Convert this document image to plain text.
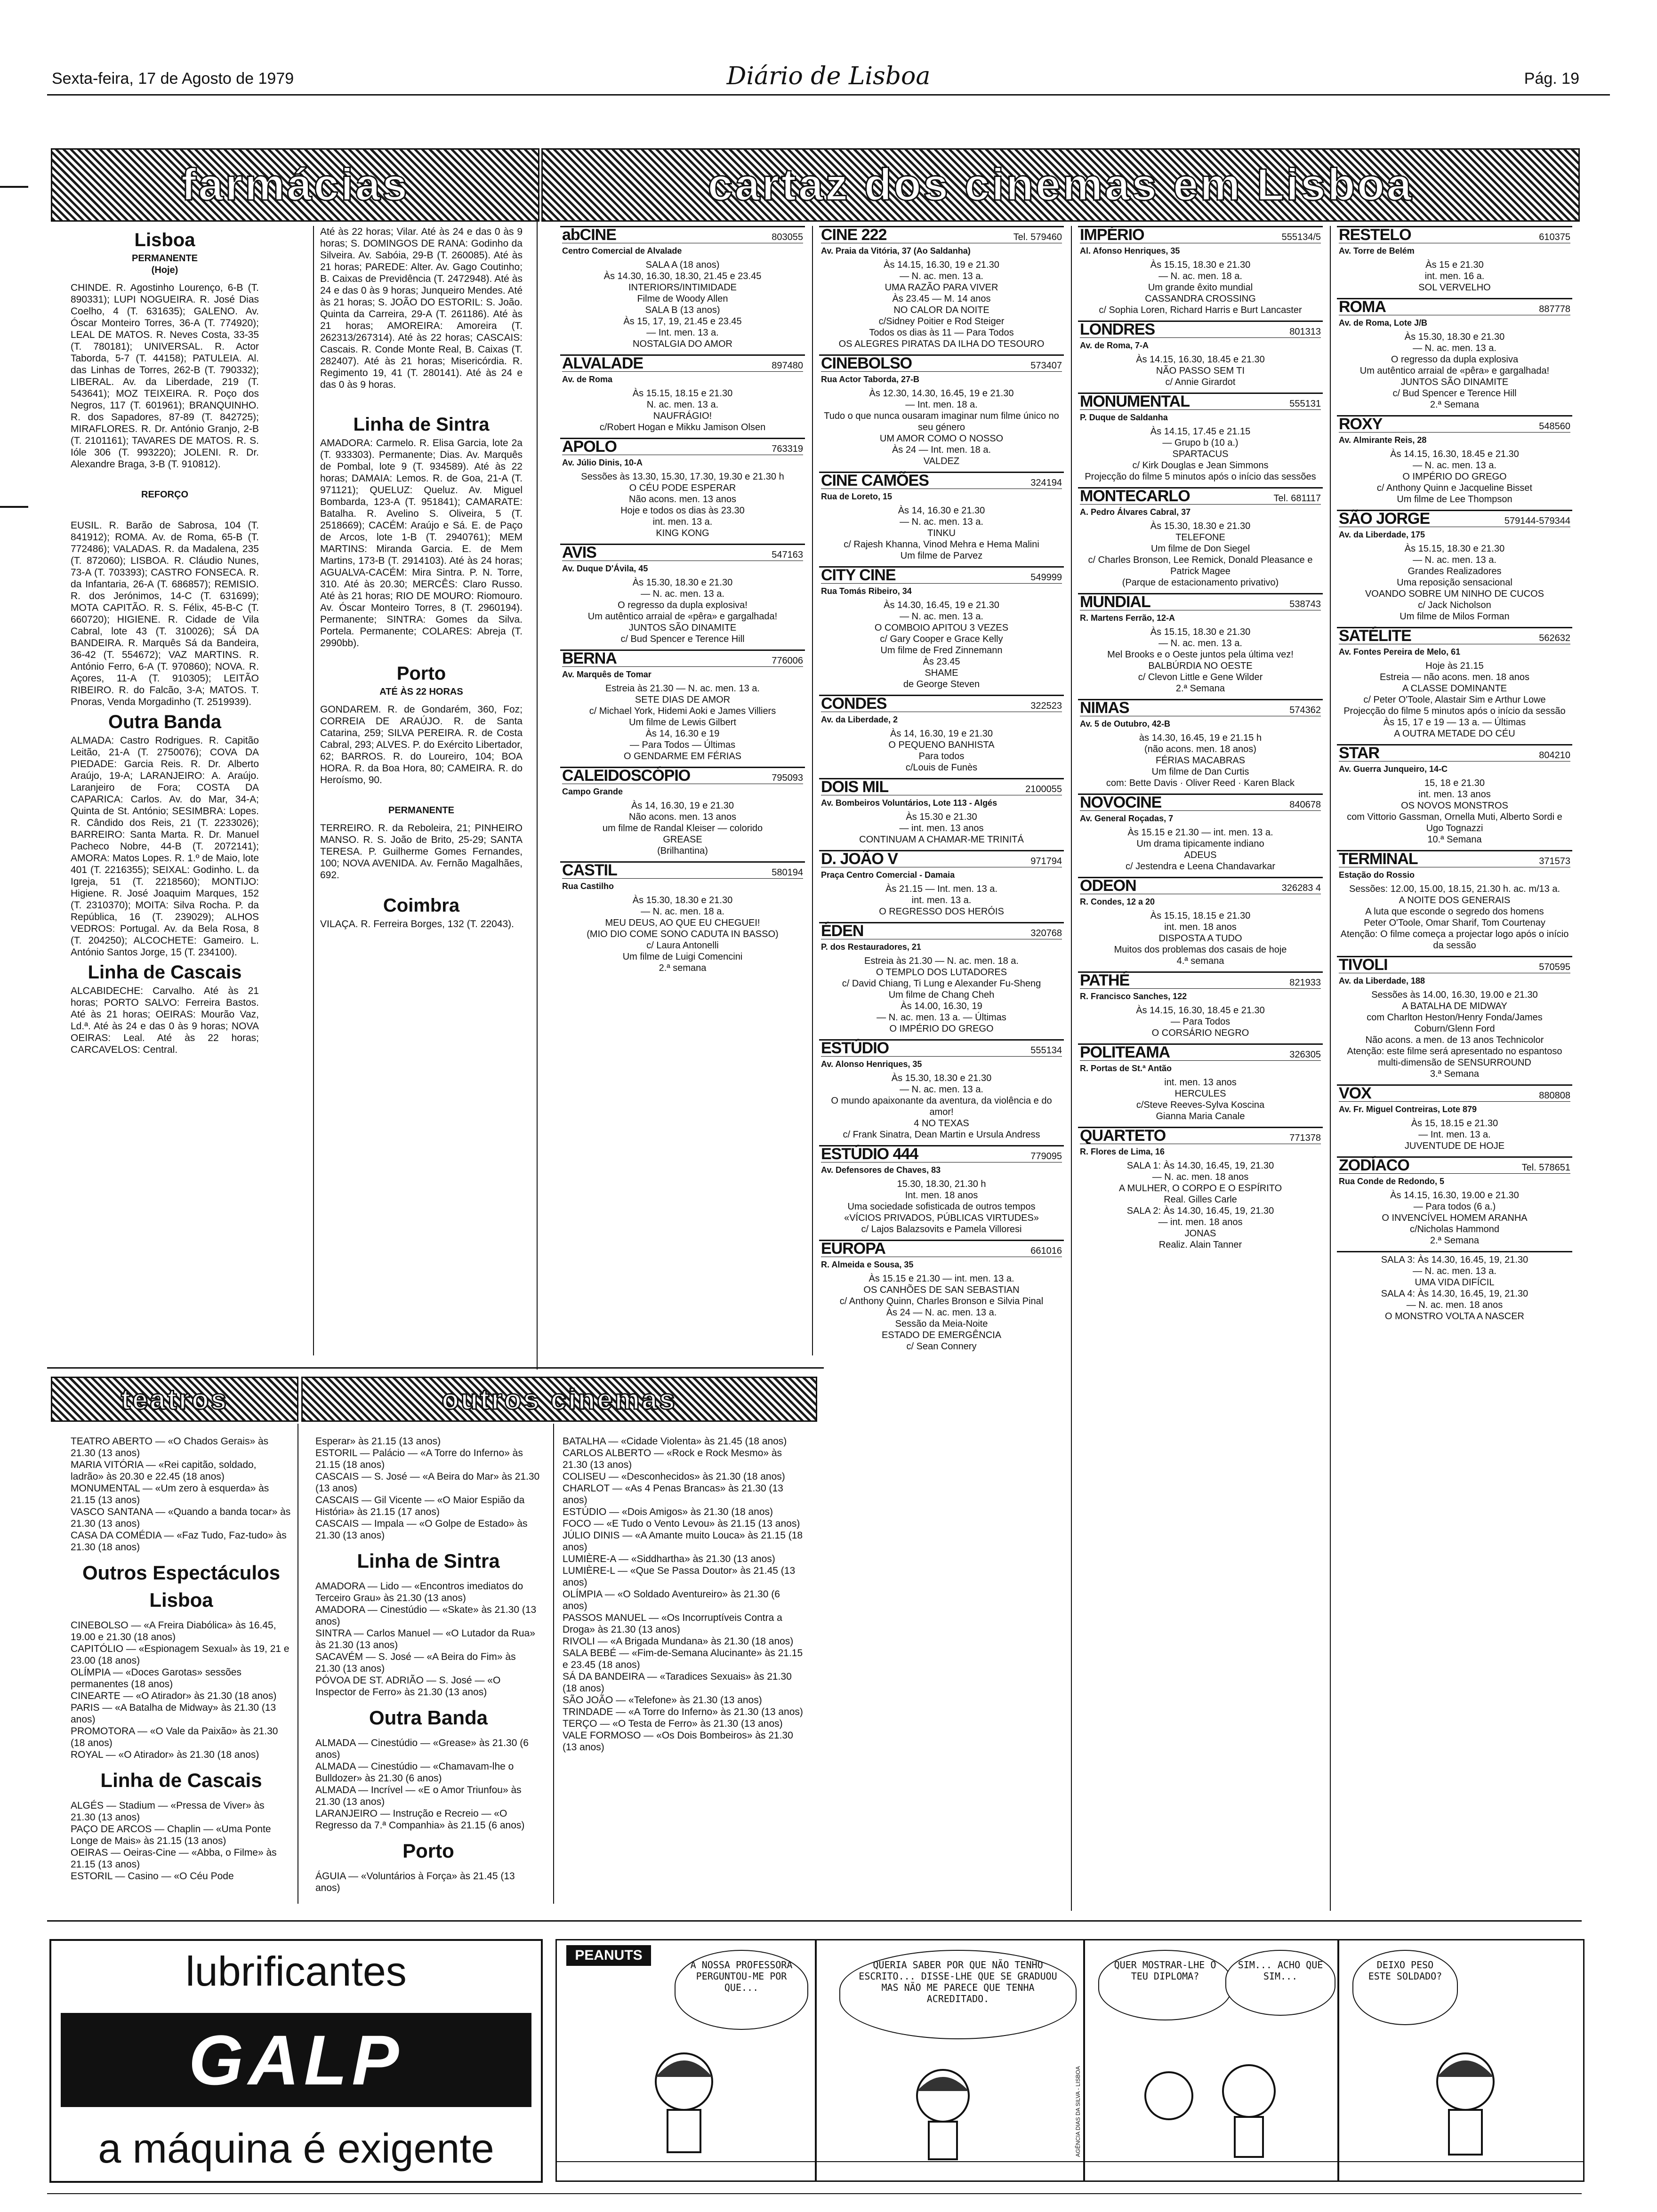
Sexta-feira, 17 de Agosto de 1979	Diário de Lisboa	Pág. 19
farmácias	cartaz dos cinemas em Lisboa
Lisboa
PERMANENTE
(Hoje)

CHINDE. R. Agostinho Lourenço, 6-B (T. 890331); LUPI NOGUEIRA. R. José Dias Coelho, 4 (T. 631635); GALENO. Av. Óscar Monteiro Torres, 36-A (T. 774920); LEAL DE MATOS. R. Neves Costa, 33-35 (T. 780181); UNIVERSAL. R. Actor Taborda, 5-7 (T. 44158); PATULEIA. Al. das Linhas de Torres, 262-B (T. 790332); LIBERAL. Av. da Liberdade, 219 (T. 543641); MOZ TEIXEIRA. R. Poço dos Negros, 117 (T. 601961); BRANQUINHO. R. dos Sapadores, 87-89 (T. 842725); MIRAFLORES. R. Dr. António Granjo, 2-B (T. 2101161); TAVARES DE MATOS. R. S. Ióle 306 (T. 993220); JOLENI. R. Dr. Alexandre Braga, 3-B (T. 910812).

REFORÇO

EUSIL. R. Barão de Sabrosa, 104 (T. 841912); ROMA. Av. de Roma, 65-B (T. 772486); VALADAS. R. da Madalena, 235 (T. 872060); LISBOA. R. Cláudio Nunes, 73-A (T. 703393); CASTRO FONSECA. R. da Infantaria, 26-A (T. 686857); REMISIO. R. dos Jerónimos, 14-C (T. 631699); MOTA CAPITÃO. R. S. Félix, 45-B-C (T. 660720); HIGIENE. R. Cidade de Vila Cabral, lote 43 (T. 310026); SÁ DA BANDEIRA. R. Marquês Sá da Bandeira, 36-42 (T. 554672); VAZ MARTINS. R. António Ferro, 6-A (T. 970860); NOVA. R. Açores, 11-A (T. 910305); LEITÃO RIBEIRO. R. do Falcão, 3-A; MATOS. T. Pnoras, Venda Morgadinho (T. 2519939).

Outra Banda

ALMADA: Castro Rodrigues. R. Capitão Leitão, 21-A (T. 2750076); COVA DA PIEDADE: Garcia Reis. R. Dr. Alberto Araújo, 19-A; LARANJEIRO: A. Araújo. Laranjeiro de Fora; COSTA DA CAPARICA: Carlos. Av. do Mar, 34-A; Quinta de St. António; SESIMBRA: Lopes. R. Cândido dos Reis, 21 (T. 2233026); BARREIRO: Santa Marta. R. Dr. Manuel Pacheco Nobre, 44-B (T. 2072141); AMORA: Matos Lopes. R. 1.º de Maio, lote 401 (T. 2216355); SEIXAL: Godinho. L. da Igreja, 51 (T. 2218560); MONTIJO: Higiene. R. José Joaquim Marques, 152 (T. 2310370); MOITA: Silva Rocha. P. da República, 16 (T. 239029); ALHOS VEDROS: Portugal. Av. da Bela Rosa, 8 (T. 204250); ALCOCHETE: Gameiro. L. António Santos Jorge, 15 (T. 234100).

Linha de Cascais

ALCABIDECHE: Carvalho. Até às 21 horas; PORTO SALVO: Ferreira Bastos. Até às 21 horas; OEIRAS: Mourão Vaz, Ld.ª. Até às 24 e das 0 às 9 horas; NOVA OEIRAS: Leal. Até às 22 horas; CARCAVELOS: Central.

Até às 22 horas; Vilar. Até às 24 e das 0 às 9 horas; S. DOMINGOS DE RANA: Godinho da Silveira. Av. Sabóia, 29-B (T. 260085). Até às 21 horas; PAREDE: Alter. Av. Gago Coutinho; B. Caixas de Previdência (T. 2472948). Até às 24 e das 0 às 9 horas; Junqueiro Mendes. Até às 21 horas; S. JOÃO DO ESTORIL: S. João. Quinta da Carreira, 29-A (T. 261186). Até às 21 horas; AMOREIRA: Amoreira (T. 262313/267314). Até às 22 horas; CASCAIS: Cascais. R. Conde Monte Real, B. Caixas (T. 282407). Até às 21 horas; Misericórdia. R. Regimento 19, 41 (T. 280141). Até às 24 e das 0 às 9 horas.

Linha de Sintra

AMADORA: Carmelo. R. Elisa Garcia, lote 2a (T. 933303). Permanente; Dias. Av. Marquês de Pombal, lote 9 (T. 934589). Até às 22 horas; DAMAIA: Lemos. R. de Goa, 21-A (T. 971121); QUELUZ: Queluz. Av. Miguel Bombarda, 123-A (T. 951841); CAMARATE: Batalha. R. Avelino S. Oliveira, 5 (T. 2518669); CACÉM: Araújo e Sá. E. de Paço de Arcos, lote 1-B (T. 2940761); MEM MARTINS: Miranda Garcia. E. de Mem Martins, 173-B (T. 2914103). Até às 24 horas; AGUALVA-CACÉM: Mira Sintra. P. N. Torre, 310. Até às 20.30; MERCÊS: Claro Russo. Até às 21 horas; RIO DE MOURO: Riomouro. Av. Óscar Monteiro Torres, 8 (T. 2960194). Permanente; SINTRA: Gomes da Silva. Portela. Permanente; COLARES: Abreja (T. 2990bb).

Porto
ATÉ ÀS 22 HORAS

GONDAREM. R. de Gondarém, 360, Foz; CORREIA DE ARAÚJO. R. de Santa Catarina, 259; SILVA PEREIRA. R. de Costa Cabral, 293; ALVES. P. do Exército Libertador, 62; BARROS. R. do Loureiro, 104; BOA HORA. R. da Boa Hora, 80; CAMEIRA. R. do Heroísmo, 90.

PERMANENTE

TERREIRO. R. da Reboleira, 21; PINHEIRO MANSO. R. S. João de Brito, 25-29; SANTA TERESA. P. Guilherme Gomes Fernandes, 100; NOVA AVENIDA. Av. Fernão Magalhães, 692.

Coimbra

VILAÇA. R. Ferreira Borges, 132 (T. 22043).

abCINE	803055
Centro Comercial de Alvalade
SALA A (18 anos)
Às 14.30, 16.30, 18.30, 21.45 e 23.45
INTERIORS/INTIMIDADE
Filme de Woody Allen
SALA B (13 anos)
Às 15, 17, 19, 21.45 e 23.45
— Int. men. 13 a.
NOSTALGIA DO AMOR
ALVALADE	897480
Av. de Roma
Às 15.15, 18.15 e 21.30
N. ac. men. 13 a.
NAUFRÁGIO!
c/Robert Hogan e Mikku Jamison Olsen
APOLO	763319
Av. Júlio Dinis, 10-A
Sessões às 13.30, 15.30, 17.30, 19.30 e 21.30 h
O CÉU PODE ESPERAR
Não acons. men. 13 anos
Hoje e todos os dias às 23.30
int. men. 13 a.
KING KONG
AVIS	547163
Av. Duque D'Ávila, 45
Às 15.30, 18.30 e 21.30
— N. ac. men. 13 a.
O regresso da dupla explosiva!
Um autêntico arraial de «pêra» e gargalhada!
JUNTOS SÃO DINAMITE
c/ Bud Spencer e Terence Hill
BERNA	776006
Av. Marquês de Tomar
Estreia às 21.30 — N. ac. men. 13 a.
SETE DIAS DE AMOR
c/ Michael York, Hidemi Aoki e James Villiers
Um filme de Lewis Gilbert
Às 14, 16.30 e 19
— Para Todos — Últimas
O GENDARME EM FÉRIAS
CALEIDOSCÓPIO	795093
Campo Grande
Às 14, 16.30, 19 e 21.30
Não acons. men. 13 anos
um filme de Randal Kleiser — colorido
GREASE
(Brilhantina)
CASTIL	580194
Rua Castilho
Às 15.30, 18.30 e 21.30
— N. ac. men. 18 a.
MEU DEUS, AO QUE EU CHEGUEI!
(MIO DIO COME SONO CADUTA IN BASSO)
c/ Laura Antonelli
Um filme de Luigi Comencini
2.ª semana
CINE 222	Tel. 579460
Av. Praia da Vitória, 37 (Ao Saldanha)
Às 14.15, 16.30, 19 e 21.30
— N. ac. men. 13 a.
UMA RAZÃO PARA VIVER
Às 23.45 — M. 14 anos
NO CALOR DA NOITE
c/Sidney Poitier e Rod Steiger
Todos os dias às 11 — Para Todos
OS ALEGRES PIRATAS DA ILHA DO TESOURO
CINEBOLSO	573407
Rua Actor Taborda, 27-B
Às 12.30, 14.30, 16.45, 19 e 21.30
— Int. men. 18 a.
Tudo o que nunca ousaram imaginar num filme único no seu género
UM AMOR COMO O NOSSO
Às 24 — Int. men. 18 a.
VALDEZ
CINE CAMÕES	324194
Rua de Loreto, 15
Às 14, 16.30 e 21.30
— N. ac. men. 13 a.
TINKU
c/ Rajesh Khanna, Vinod Mehra e Hema Malini
Um filme de Parvez
CITY CINE	549999
Rua Tomás Ribeiro, 34
Às 14.30, 16.45, 19 e 21.30
— N. ac. men. 13 a.
O COMBOIO APITOU 3 VEZES
c/ Gary Cooper e Grace Kelly
Um filme de Fred Zinnemann
Às 23.45
SHAME
de George Steven
CONDES	322523
Av. da Liberdade, 2
Às 14, 16.30, 19 e 21.30
O PEQUENO BANHISTA
Para todos
c/Louis de Funès
DOIS MIL	2100055
Av. Bombeiros Voluntários, Lote 113 - Algés
Às 15.30 e 21.30
— int. men. 13 anos
CONTINUAM A CHAMAR-ME TRINITÁ
D. JOÃO V	971794
Praça Centro Comercial - Damaia
Às 21.15 — Int. men. 13 a.
int. men. 13 a.
O REGRESSO DOS HERÓIS
ÉDEN	320768
P. dos Restauradores, 21
Estreia às 21.30 — N. ac. men. 18 a.
O TEMPLO DOS LUTADORES
c/ David Chiang, Ti Lung e Alexander Fu-Sheng
Um filme de Chang Cheh
Às 14.00, 16.30, 19
— N. ac. men. 13 a. — Últimas
O IMPÉRIO DO GREGO
ESTÚDIO	555134
Av. Alonso Henriques, 35
Às 15.30, 18.30 e 21.30
— N. ac. men. 13 a.
O mundo apaixonante da aventura, da violência e do amor!
4 NO TEXAS
c/ Frank Sinatra, Dean Martin e Ursula Andress
ESTÚDIO 444	779095
Av. Defensores de Chaves, 83
15.30, 18.30, 21.30 h
Int. men. 18 anos
Uma sociedade sofisticada de outros tempos
«VÍCIOS PRIVADOS, PÚBLICAS VIRTUDES»
c/ Lajos Balazsovits e Pamela Villoresi
EUROPA	661016
R. Almeida e Sousa, 35
Às 15.15 e 21.30 — int. men. 13 a.
OS CANHÕES DE SAN SEBASTIAN
c/ Anthony Quinn, Charles Bronson e Silvia Pinal
Às 24 — N. ac. men. 13 a.
Sessão da Meia-Noite
ESTADO DE EMERGÊNCIA
c/ Sean Connery
IMPÉRIO	555134/5
Al. Afonso Henriques, 35
Às 15.15, 18.30 e 21.30
— N. ac. men. 18 a.
Um grande êxito mundial
CASSANDRA CROSSING
c/ Sophia Loren, Richard Harris e Burt Lancaster
LONDRES	801313
Av. de Roma, 7-A
Às 14.15, 16.30, 18.45 e 21.30
NÃO PASSO SEM TI
c/ Annie Girardot
MONUMENTAL	555131
P. Duque de Saldanha
Às 14.15, 17.45 e 21.15
— Grupo b (10 a.)
SPARTACUS
c/ Kirk Douglas e Jean Simmons
Projecção do filme 5 minutos após o início das sessões
MONTECARLO	Tel. 681117
A. Pedro Álvares Cabral, 37
Às 15.30, 18.30 e 21.30
TELEFONE
Um filme de Don Siegel
c/ Charles Bronson, Lee Remick, Donald Pleasance e Patrick Magee
(Parque de estacionamento privativo)
MUNDIAL	538743
R. Martens Ferrão, 12-A
Às 15.15, 18.30 e 21.30
— N. ac. men. 13 a.
Mel Brooks e o Oeste juntos pela última vez!
BALBÚRDIA NO OESTE
c/ Clevon Little e Gene Wilder
2.ª Semana
NIMAS	574362
Av. 5 de Outubro, 42-B
às 14.30, 16.45, 19 e 21.15 h
(não acons. men. 18 anos)
FÉRIAS MACABRAS
Um filme de Dan Curtis
com: Bette Davis · Oliver Reed · Karen Black
NOVOCINE	840678
Av. General Roçadas, 7
Às 15.15 e 21.30 — int. men. 13 a.
Um drama tipicamente indiano
ADEUS
c/ Jestendra e Leena Chandavarkar
ODEON	326283 4
R. Condes, 12 a 20
Às 15.15, 18.15 e 21.30
int. men. 18 anos
DISPOSTA A TUDO
Muitos dos problemas dos casais de hoje
4.ª semana
PATHÉ	821933
R. Francisco Sanches, 122
Às 14.15, 16.30, 18.45 e 21.30
— Para Todos
O CORSÁRIO NEGRO
POLITEAMA	326305
R. Portas de St.ª Antão
int. men. 13 anos
HERCULES
c/Steve Reeves-Sylva Koscina
Gianna Maria Canale
QUARTETO	771378
R. Flores de Lima, 16
SALA 1: Às 14.30, 16.45, 19, 21.30
— N. ac. men. 18 anos
A MULHER, O CORPO E O ESPÍRITO
Real. Gilles Carle
SALA 2: Às 14.30, 16.45, 19, 21.30
— int. men. 18 anos
JONAS
Realiz. Alain Tanner
RESTELO	610375
Av. Torre de Belém
Às 15 e 21.30
int. men. 16 a.
SOL VERVELHO
ROMA	887778
Av. de Roma, Lote J/B
Às 15.30, 18.30 e 21.30
— N. ac. men. 13 a.
O regresso da dupla explosiva
Um autêntico arraial de «pêra» e gargalhada!
JUNTOS SÃO DINAMITE
c/ Bud Spencer e Terence Hill
2.ª Semana
ROXY	548560
Av. Almirante Reis, 28
Às 14.15, 16.30, 18.45 e 21.30
— N. ac. men. 13 a.
O IMPÉRIO DO GREGO
c/ Anthony Quinn e Jacqueline Bisset
Um filme de Lee Thompson
SÃO JORGE	579144-579344
Av. da Liberdade, 175
Às 15.15, 18.30 e 21.30
— N. ac. men. 13 a.
Grandes Realizadores
Uma reposição sensacional
VOANDO SOBRE UM NINHO DE CUCOS
c/ Jack Nicholson
Um filme de Milos Forman
SATÉLITE	562632
Av. Fontes Pereira de Melo, 61
Hoje às 21.15
Estreia — não acons. men. 18 anos
A CLASSE DOMINANTE
c/ Peter O'Toole, Alastair Sim e Arthur Lowe
Projecção do filme 5 minutos após o início da sessão
Às 15, 17 e 19 — 13 a. — Últimas
A OUTRA METADE DO CÉU
STAR	804210
Av. Guerra Junqueiro, 14-C
15, 18 e 21.30
int. men. 13 anos
OS NOVOS MONSTROS
com Vittorio Gassman, Ornella Muti, Alberto Sordi e Ugo Tognazzi
10.ª Semana
TERMINAL	371573
Estação do Rossio
Sessões: 12.00, 15.00, 18.15, 21.30 h. ac. m/13 a.
A NOITE DOS GENERAIS
A luta que esconde o segredo dos homens
Peter O'Toole, Omar Sharif, Tom Courtenay
Atenção: O filme começa a projectar logo após o início da sessão
TIVOLI	570595
Av. da Liberdade, 188
Sessões às 14.00, 16.30, 19.00 e 21.30
A BATALHA DE MIDWAY
com Charlton Heston/Henry Fonda/James Coburn/Glenn Ford
Não acons. a men. de 13 anos Technicolor
Atenção: este filme será apresentado no espantoso multi-dimensão de SENSURROUND
3.ª Semana
VOX	880808
Av. Fr. Miguel Contreiras, Lote 879
Às 15, 18.15 e 21.30
— Int. men. 13 a.
JUVENTUDE DE HOJE
ZODÍACO	Tel. 578651
Rua Conde de Redondo, 5
Às 14.15, 16.30, 19.00 e 21.30
— Para todos (6 a.)
O INVENCÍVEL HOMEM ARANHA
c/Nicholas Hammond
2.ª Semana
SALA 3: Às 14.30, 16.45, 19, 21.30
— N. ac. men. 13 a.
UMA VIDA DIFÍCIL
SALA 4: Às 14.30, 16.45, 19, 21.30
— N. ac. men. 18 anos
O MONSTRO VOLTA A NASCER
teatros	outros cinemas

TEATRO ABERTO — «O Chados Gerais» às 21.30 (13 anos)
MARIA VITÓRIA — «Rei capitão, soldado, ladrão» às 20.30 e 22.45 (18 anos)
MONUMENTAL — «Um zero à esquerda» às 21.15 (13 anos)
VASCO SANTANA — «Quando a banda tocar» às 21.30 (13 anos)
CASA DA COMÉDIA — «Faz Tudo, Faz-tudo» às 21.30 (18 anos)

Outros Espectáculos

Lisboa

CINEBOLSO — «A Freira Diabólica» às 16.45, 19.00 e 21.30 (18 anos)
CAPITÓLIO — «Espionagem Sexual» às 19, 21 e 23.00 (18 anos)
OLÍMPIA — «Doces Garotas» sessões permanentes (18 anos)
CINEARTE — «O Atirador» às 21.30 (18 anos)
PARIS — «A Batalha de Midway» às 21.30 (13 anos)
PROMOTORA — «O Vale da Paixão» às 21.30 (18 anos)
ROYAL — «O Atirador» às 21.30 (18 anos)

Linha de Cascais

ALGÉS — Stadium — «Pressa de Viver» às 21.30 (13 anos)
PAÇO DE ARCOS — Chaplin — «Uma Ponte Longe de Mais» às 21.15 (13 anos)
OEIRAS — Oeiras-Cine — «Abba, o Filme» às 21.15 (13 anos)
ESTORIL — Casino — «O Céu Pode

Esperar» às 21.15 (13 anos)
ESTORIL — Palácio — «A Torre do Inferno» às 21.15 (18 anos)
CASCAIS — S. José — «A Beira do Mar» às 21.30 (13 anos)
CASCAIS — Gil Vicente — «O Maior Espião da História» às 21.15 (17 anos)
CASCAIS — Impala — «O Golpe de Estado» às 21.30 (13 anos)

Linha de Sintra

AMADORA — Lido — «Encontros imediatos do Terceiro Grau» às 21.30 (13 anos)
AMADORA — Cinestúdio — «Skate» às 21.30 (13 anos)
SINTRA — Carlos Manuel — «O Lutador da Rua» às 21.30 (13 anos)
SACAVÉM — S. José — «A Beira do Fim» às 21.30 (13 anos)
PÓVOA DE ST. ADRIÃO — S. José — «O Inspector de Ferro» às 21.30 (13 anos)

Outra Banda

ALMADA — Cinestúdio — «Grease» às 21.30 (6 anos)
ALMADA — Cinestúdio — «Chamavam-lhe o Bulldozer» às 21.30 (6 anos)
ALMADA — Incrível — «E o Amor Triunfou» às 21.30 (13 anos)
LARANJEIRO — Instrução e Recreio — «O Regresso da 7.ª Companhia» às 21.15 (6 anos)

Porto

ÁGUIA — «Voluntários à Força» às 21.45 (13 anos)

BATALHA — «Cidade Violenta» às 21.45 (18 anos)
CARLOS ALBERTO — «Rock e Rock Mesmo» às 21.30 (13 anos)
COLISEU — «Desconhecidos» às 21.30 (18 anos)
CHARLOT — «As 4 Penas Brancas» às 21.30 (13 anos)
ESTÚDIO — «Dois Amigos» às 21.30 (18 anos)
FOCO — «E Tudo o Vento Levou» às 21.15 (13 anos)
JÚLIO DINIS — «A Amante muito Louca» às 21.15 (18 anos)
LUMIÈRE-A — «Siddhartha» às 21.30 (13 anos)
LUMIÈRE-L — «Que Se Passa Doutor» às 21.45 (13 anos)
OLÍMPIA — «O Soldado Aventureiro» às 21.30 (6 anos)
PASSOS MANUEL — «Os Incorruptíveis Contra a Droga» às 21.30 (13 anos)
RIVOLI — «A Brigada Mundana» às 21.30 (18 anos)
SALA BEBÉ — «Fim-de-Semana Alucinante» às 21.15 e 23.45 (18 anos)
SÁ DA BANDEIRA — «Taradices Sexuais» às 21.30 (18 anos)
SÃO JOÃO — «Telefone» às 21.30 (13 anos)
TRINDADE — «A Torre do Inferno» às 21.30 (13 anos)
TERÇO — «O Testa de Ferro» às 21.30 (13 anos)
VALE FORMOSO — «Os Dois Bombeiros» às 21.30 (13 anos)

lubrificantes
GALP
a máquina é exigente
PEANUTS
A NOSSA PROFESSORA PERGUNTOU-ME POR QUE...
QUERIA SABER POR QUE NÃO TENHO ESCRITO... DISSE-LHE QUE SE GRADUOU MAS NÃO ME PARECE QUE TENHA ACREDITADO.
QUER MOSTRAR-LHE O TEU DIPLOMA?
SIM... ACHO QUE SIM...
DEIXO PESO ESTE SOLDADO?
AGÊNCIA DIAS DA SILVA - LISBOA
